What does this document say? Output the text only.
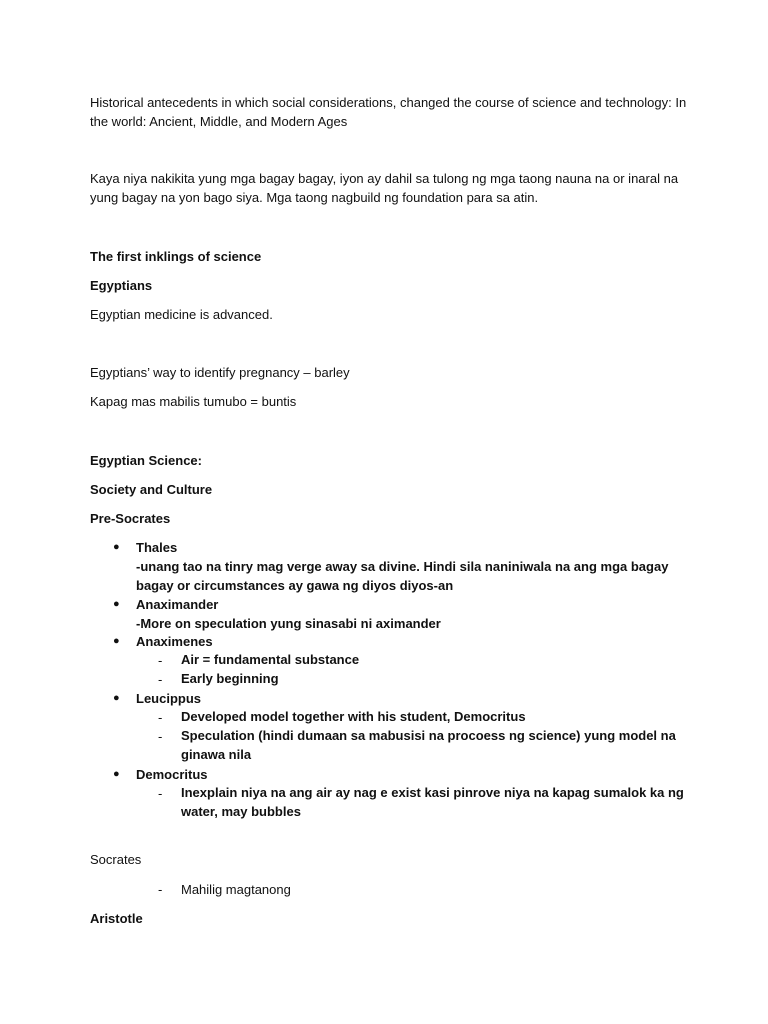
Historical antecedents in which social considerations, changed the course of science and technology: In the world: Ancient, Middle, and Modern Ages
Kaya niya nakikita yung mga bagay bagay, iyon ay dahil sa tulong ng mga taong nauna na or inaral na yung bagay na yon bago siya. Mga taong nagbuild ng foundation para sa atin.
The first inklings of science
Egyptians
Egyptian medicine is advanced.
Egyptians’ way to identify pregnancy – barley
Kapag mas mabilis tumubo = buntis
Egyptian Science:
Society and Culture
Pre-Socrates
● Thales
-unang tao na tinry mag verge away sa divine. Hindi sila naniniwala na ang mga bagay bagay or circumstances ay gawa ng diyos diyos-an
● Anaximander
-More on speculation yung sinasabi ni aximander
● Anaximenes
-	Air = fundamental substance
-	Early beginning
● Leucippus
-	Developed model together with his student, Democritus
-	Speculation (hindi dumaan sa mabusisi na procoess ng science) yung model na ginawa nila
● Democritus
-	Inexplain niya na ang air ay nag e exist kasi pinrove niya na kapag sumalok ka ng water, may bubbles
Socrates
-	Mahilig magtanong
Aristotle
